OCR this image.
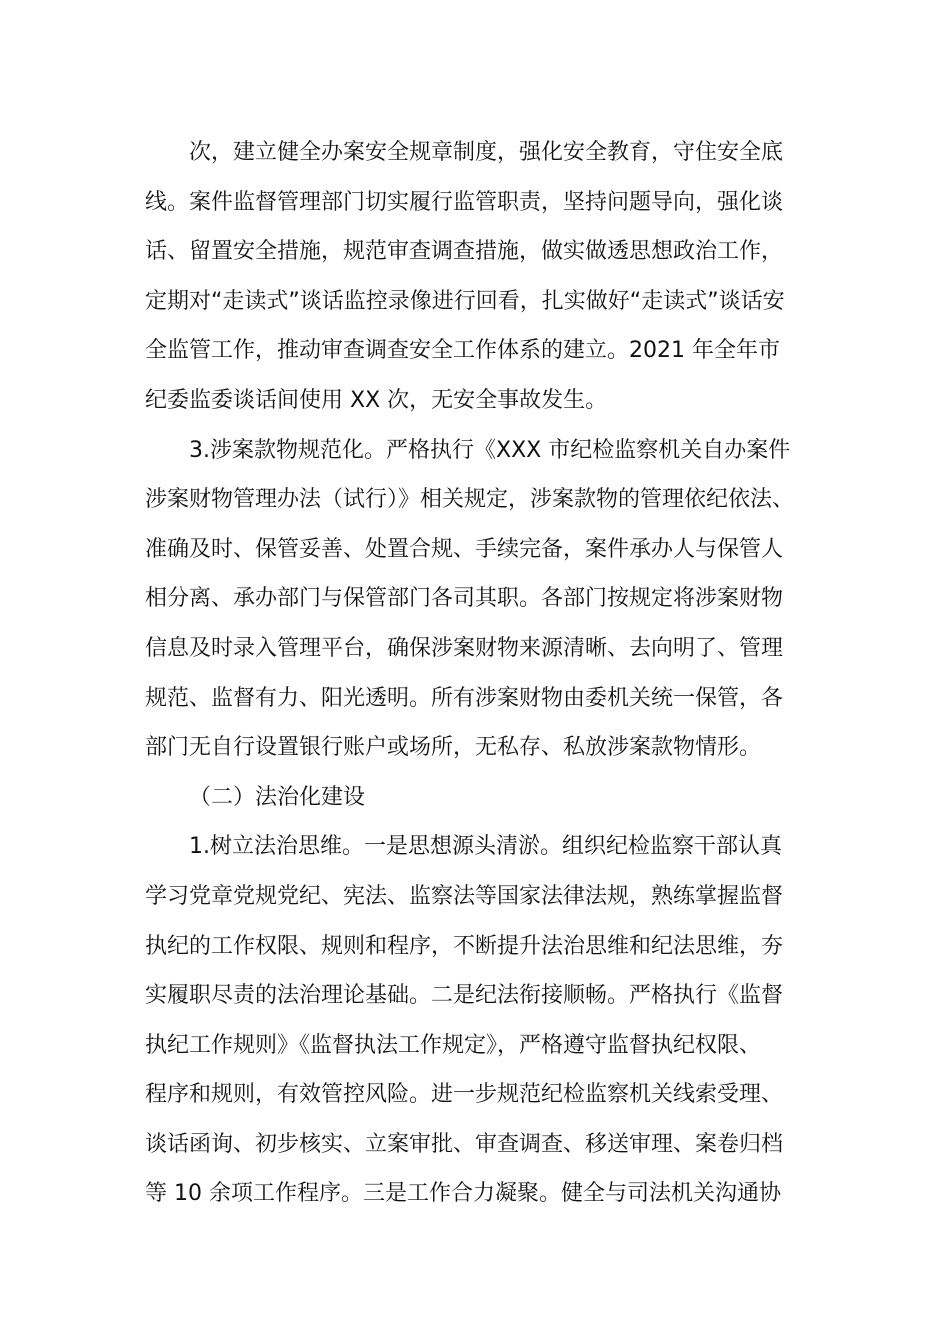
次，建立健全办案安全规章制度，强化安全教育，守住安全底
线。案件监督管理部门切实履行监管职责，坚持问题导向，强化谈
话、留置安全措施，规范审查调查措施，做实做透思想政治工作，
定期对“走读式”谈话监控录像进行回看，扎实做好“走读式”谈话安
全监管工作，推动审查调查安全工作体系的建立。2021 年全年市
纪委监委谈话间使用 XX 次，无安全事故发生。
3.涉案款物规范化。严格执行《XXX 市纪检监察机关自办案件
涉案财物管理办法（试行）》相关规定，涉案款物的管理依纪依法、
准确及时、保管妥善、处置合规、手续完备，案件承办人与保管人
相分离、承办部门与保管部门各司其职。各部门按规定将涉案财物
信息及时录入管理平台，确保涉案财物来源清晰、去向明了、管理
规范、监督有力、阳光透明。所有涉案财物由委机关统一保管，各
部门无自行设置银行账户或场所，无私存、私放涉案款物情形。
（二）法治化建设
1.树立法治思维。一是思想源头清淤。组织纪检监察干部认真
学习党章党规党纪、宪法、监察法等国家法律法规，熟练掌握监督
执纪的工作权限、规则和程序，不断提升法治思维和纪法思维，夯
实履职尽责的法治理论基础。二是纪法衔接顺畅。严格执行《监督
执纪工作规则》《监督执法工作规定》，严格遵守监督执纪权限、
程序和规则，有效管控风险。进一步规范纪检监察机关线索受理、
谈话函询、初步核实、立案审批、审查调查、移送审理、案卷归档
等 10 余项工作程序。三是工作合力凝聚。健全与司法机关沟通协
